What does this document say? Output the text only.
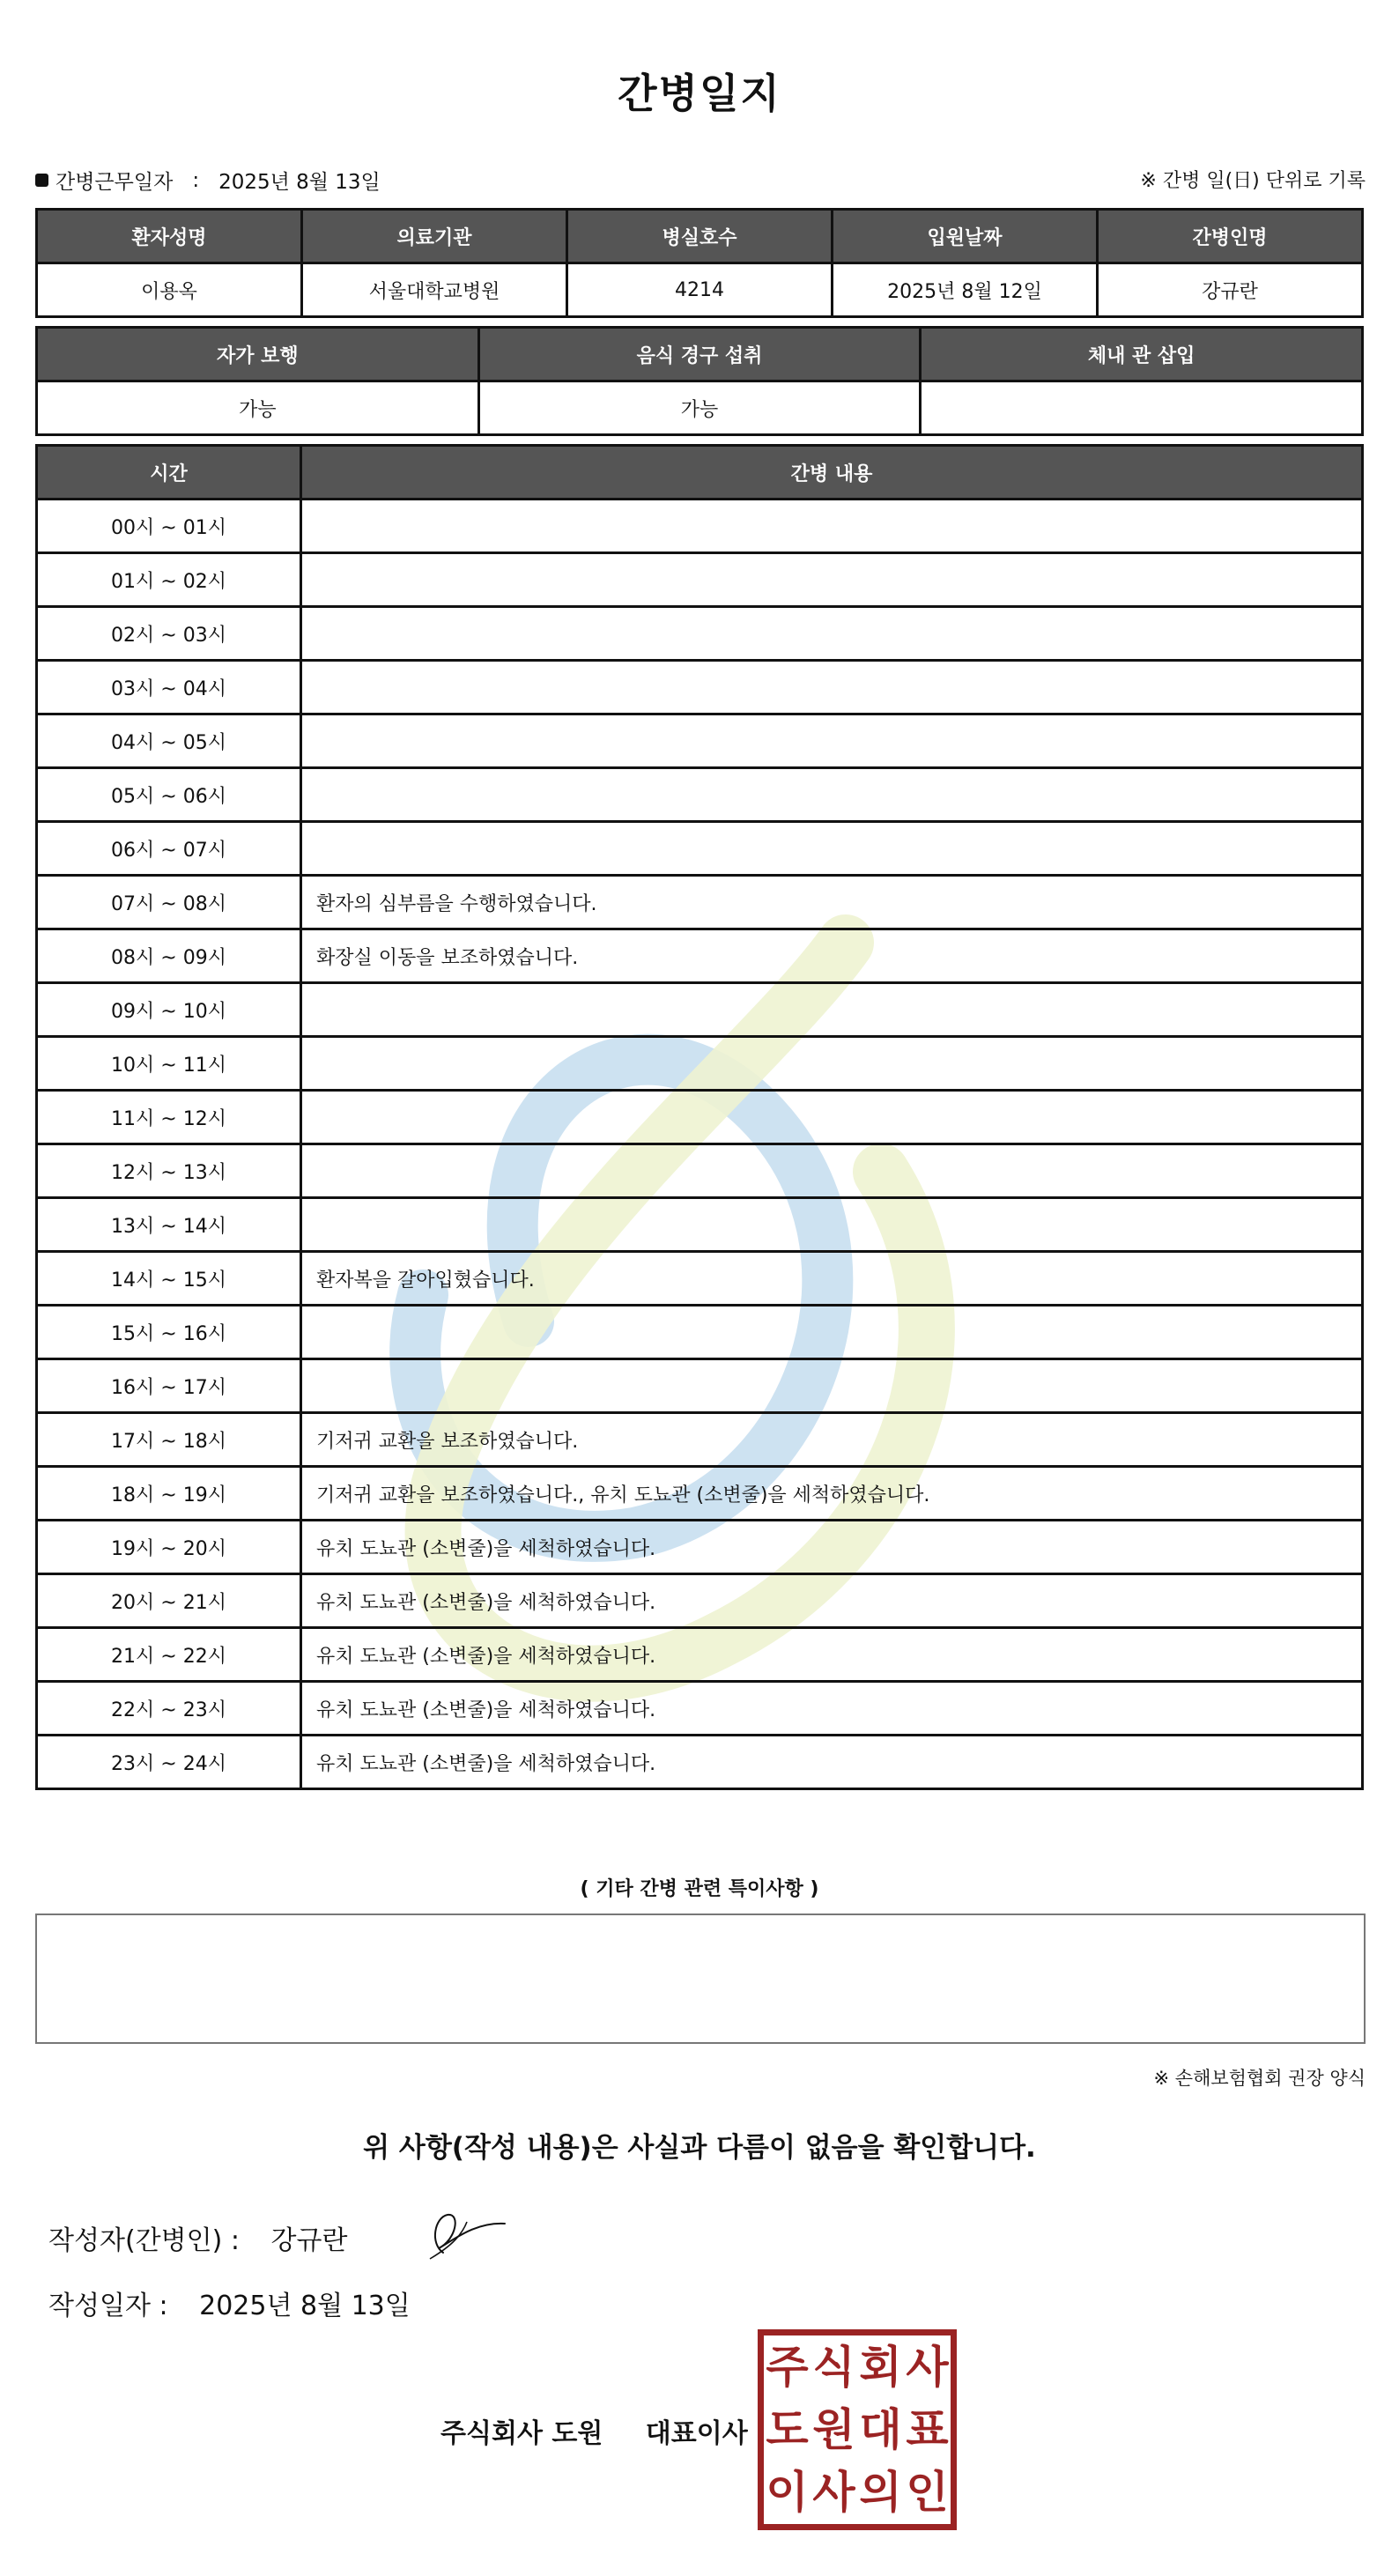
간병일지
간병근무일자 : 2025년 8월 13일	※ 간병 일(日) 단위로 기록
환자성명	의료기관	병실호수	입원날짜	간병인명
이용옥	서울대학교병원	4214	2025년 8월 12일	강규란
자가 보행	음식 경구 섭취	체내 관 삽입
가능	가능	
시간	간병 내용
00시 ~ 01시	
01시 ~ 02시	
02시 ~ 03시	
03시 ~ 04시	
04시 ~ 05시	
05시 ~ 06시	
06시 ~ 07시	
07시 ~ 08시	환자의 심부름을 수행하였습니다.
08시 ~ 09시	화장실 이동을 보조하였습니다.
09시 ~ 10시	
10시 ~ 11시	
11시 ~ 12시	
12시 ~ 13시	
13시 ~ 14시	
14시 ~ 15시	환자복을 갈아입혔습니다.
15시 ~ 16시	
16시 ~ 17시	
17시 ~ 18시	기저귀 교환을 보조하였습니다.
18시 ~ 19시	기저귀 교환을 보조하였습니다., 유치 도뇨관 (소변줄)을 세척하였습니다.
19시 ~ 20시	유치 도뇨관 (소변줄)을 세척하였습니다.
20시 ~ 21시	유치 도뇨관 (소변줄)을 세척하였습니다.
21시 ~ 22시	유치 도뇨관 (소변줄)을 세척하였습니다.
22시 ~ 23시	유치 도뇨관 (소변줄)을 세척하였습니다.
23시 ~ 24시	유치 도뇨관 (소변줄)을 세척하였습니다.
( 기타 간병 관련 특이사항 )
※ 손해보험협회 권장 양식
위 사항(작성 내용)은 사실과 다름이 없음을 확인합니다.
작성자(간병인) : 강규란
작성일자 : 2025년 8월 13일
주식회사 도원 대표이사
주 식 회 사
도 원 대 표
이 사 의 인
